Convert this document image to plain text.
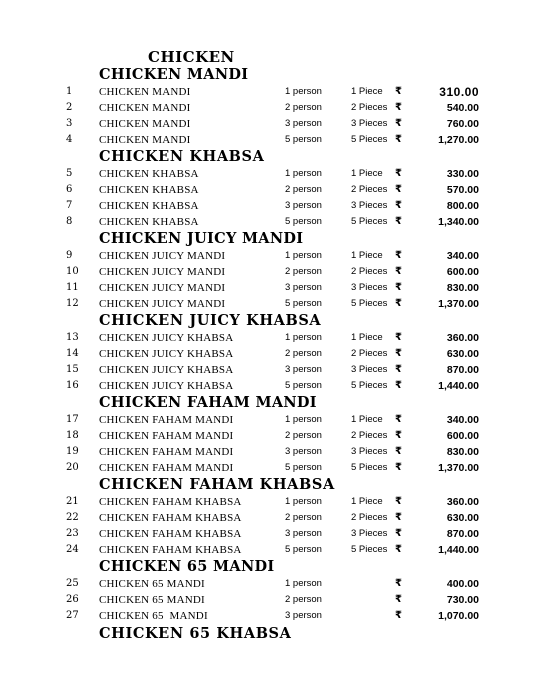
CHICKEN
CHICKEN MANDI
1 CHICKEN MANDI	1 person	1 Piece ₹	310.00
2 CHICKEN MANDI	2 person	2 Pieces ₹	540.00
3 CHICKEN MANDI	3 person	3 Pieces ₹	760.00
4 CHICKEN MANDI	5 person	5 Pieces ₹	1,270.00
CHICKEN KHABSA
5 CHICKEN KHABSA	1 person	1 Piece ₹	330.00
6 CHICKEN KHABSA	2 person	2 Pieces ₹	570.00
7 CHICKEN KHABSA	3 person	3 Pieces ₹	800.00
8 CHICKEN KHABSA	5 person	5 Pieces ₹	1,340.00
CHICKEN JUICY MANDI
9 CHICKEN JUICY MANDI	1 person	1 Piece ₹	340.00
10 CHICKEN JUICY MANDI	2 person	2 Pieces ₹	600.00
11 CHICKEN JUICY MANDI	3 person	3 Pieces ₹	830.00
12 CHICKEN JUICY MANDI	5 person	5 Pieces ₹	1,370.00
CHICKEN JUICY KHABSA
13 CHICKEN JUICY KHABSA	1 person	1 Piece ₹	360.00
14 CHICKEN JUICY KHABSA	2 person	2 Pieces ₹	630.00
15 CHICKEN JUICY KHABSA	3 person	3 Pieces ₹	870.00
16 CHICKEN JUICY KHABSA	5 person	5 Pieces ₹	1,440.00
CHICKEN FAHAM MANDI
17 CHICKEN FAHAM MANDI	1 person	1 Piece ₹	340.00
18 CHICKEN FAHAM MANDI	2 person	2 Pieces ₹	600.00
19 CHICKEN FAHAM MANDI	3 person	3 Pieces ₹	830.00
20 CHICKEN FAHAM MANDI	5 person	5 Pieces ₹	1,370.00
CHICKEN FAHAM KHABSA
21 CHICKEN FAHAM KHABSA	1 person	1 Piece ₹	360.00
22 CHICKEN FAHAM KHABSA	2 person	2 Pieces ₹	630.00
23 CHICKEN FAHAM KHABSA	3 person	3 Pieces ₹	870.00
24 CHICKEN FAHAM KHABSA	5 person	5 Pieces ₹	1,440.00
CHICKEN 65 MANDI
25 CHICKEN 65 MANDI	1 person	₹	400.00
26 CHICKEN 65 MANDI	2 person	₹	730.00
27 CHICKEN 65  MANDI	3 person	₹	1,070.00
CHICKEN 65 KHABSA
